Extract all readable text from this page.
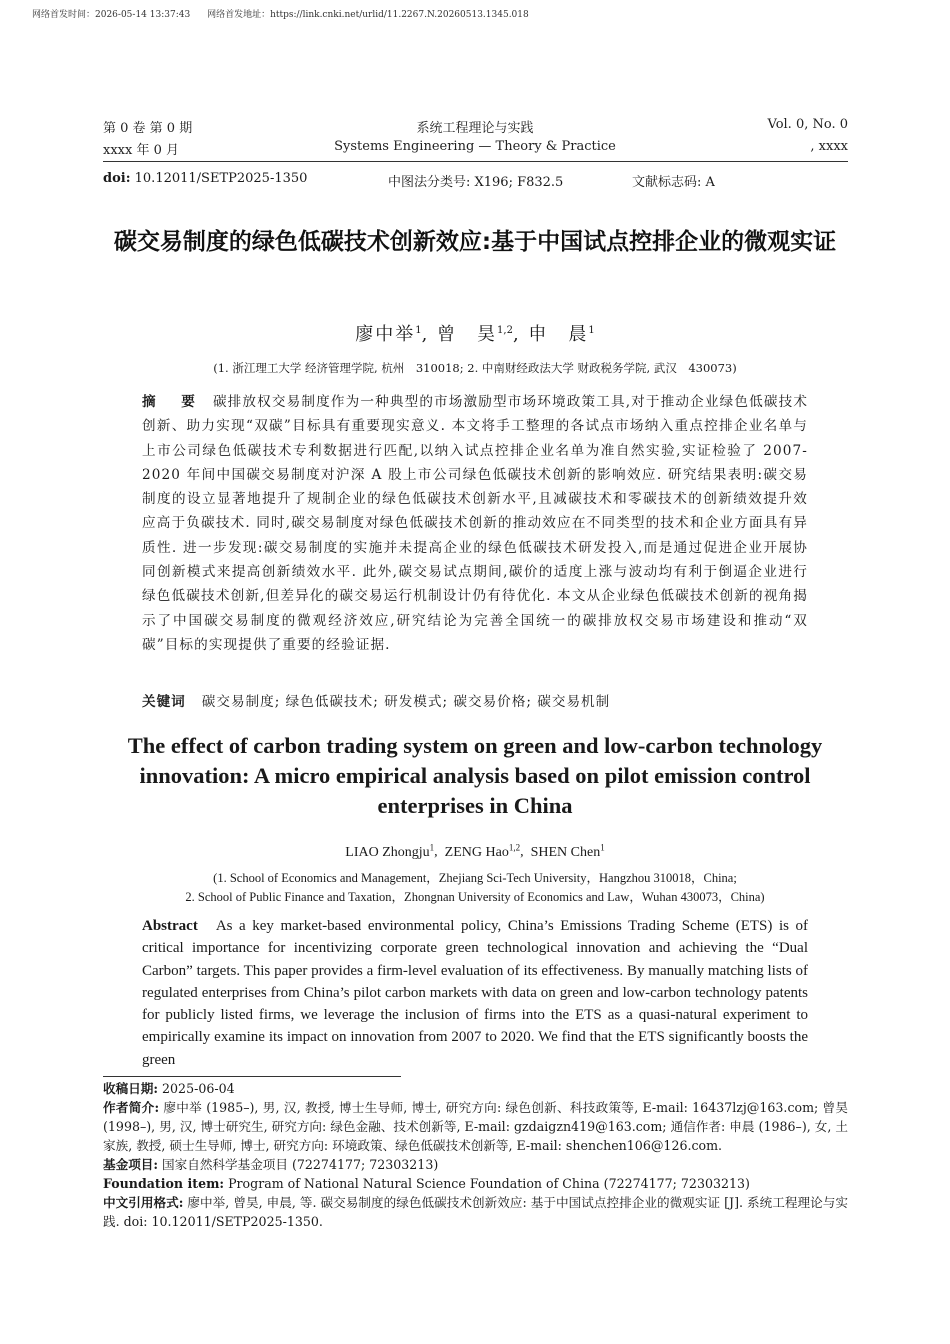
网络首发时间：2026-05-14 13:37:43 网络首发地址：https://link.cnki.net/urlid/11.2267.N.20260513.1345.018
第 0 卷 第 0 期	系统工程理论与实践	Vol. 0, No. 0
xxxx 年 0 月	Systems Engineering — Theory & Practice	, xxxx
doi: 10.12011/SETP2025-1350	中图法分类号: X196; F832.5	文献标志码: A
碳交易制度的绿色低碳技术创新效应:基于中国试点控排企业的微观实证
廖中举$^1$, 曾　昊$^{1,2}$, 申　晨$^1$
(1. 浙江理工大学 经济管理学院, 杭州　310018; 2. 中南财经政法大学 财政税务学院, 武汉　430073)
摘　要 碳排放权交易制度作为一种典型的市场激励型市场环境政策工具,对于推动企业绿色低碳技术创新、助力实现“双碳”目标具有重要现实意义. 本文将手工整理的各试点市场纳入重点控排企业名单与上市公司绿色低碳技术专利数据进行匹配,以纳入试点控排企业名单为准自然实验,实证检验了 2007-2020 年间中国碳交易制度对沪深 A 股上市公司绿色低碳技术创新的影响效应. 研究结果表明:碳交易制度的设立显著地提升了规制企业的绿色低碳技术创新水平,且减碳技术和零碳技术的创新绩效提升效应高于负碳技术. 同时,碳交易制度对绿色低碳技术创新的推动效应在不同类型的技术和企业方面具有异质性. 进一步发现:碳交易制度的实施并未提高企业的绿色低碳技术研发投入,而是通过促进企业开展协同创新模式来提高创新绩效水平. 此外,碳交易试点期间,碳价的适度上涨与波动均有利于倒逼企业进行绿色低碳技术创新,但差异化的碳交易运行机制设计仍有待优化. 本文从企业绿色低碳技术创新的视角揭示了中国碳交易制度的微观经济效应,研究结论为完善全国统一的碳排放权交易市场建设和推动“双碳”目标的实现提供了重要的经验证据.
关键词 碳交易制度; 绿色低碳技术; 研发模式; 碳交易价格; 碳交易机制
The effect of carbon trading system on green and low-carbon technology innovation: A micro empirical analysis based on pilot emission control enterprises in China
LIAO Zhongju$^1$,  ZENG Hao$^{1,2}$,  SHEN Chen$^1$
(1. School of Economics and Management，Zhejiang Sci-Tech University，Hangzhou 310018，China;
2. School of Public Finance and Taxation，Zhongnan University of Economics and Law，Wuhan 430073，China)
Abstract As a key market-based environmental policy, China’s Emissions Trading Scheme (ETS) is of critical importance for incentivizing corporate green technological innovation and achieving the “Dual Carbon” targets. This paper provides a firm-level evaluation of its effectiveness. By manually matching lists of regulated enterprises from China’s pilot carbon markets with data on green and low-carbon technology patents for publicly listed firms, we leverage the inclusion of firms into the ETS as a quasi-natural experiment to empirically examine its impact on innovation from 2007 to 2020. We find that the ETS significantly boosts the green

收稿日期: 2025-06-04

作者简介: 廖中举 (1985–), 男, 汉, 教授, 博士生导师, 博士, 研究方向: 绿色创新、科技政策等, E-mail: 16437lzj@163.com; 曾昊 (1998–), 男, 汉, 博士研究生, 研究方向: 绿色金融、技术创新等, E-mail: gzdaigzn419@163.com; 通信作者: 申晨 (1986–), 女, 土家族, 教授, 硕士生导师, 博士, 研究方向: 环境政策、绿色低碳技术创新等, E-mail: shenchen106@126.com.

基金项目: 国家自然科学基金项目 (72274177; 72303213)

Foundation item: Program of National Natural Science Foundation of China (72274177; 72303213)

中文引用格式: 廖中举, 曾昊, 申晨, 等. 碳交易制度的绿色低碳技术创新效应: 基于中国试点控排企业的微观实证 [J]. 系统工程理论与实践. doi: 10.12011/SETP2025-1350.
